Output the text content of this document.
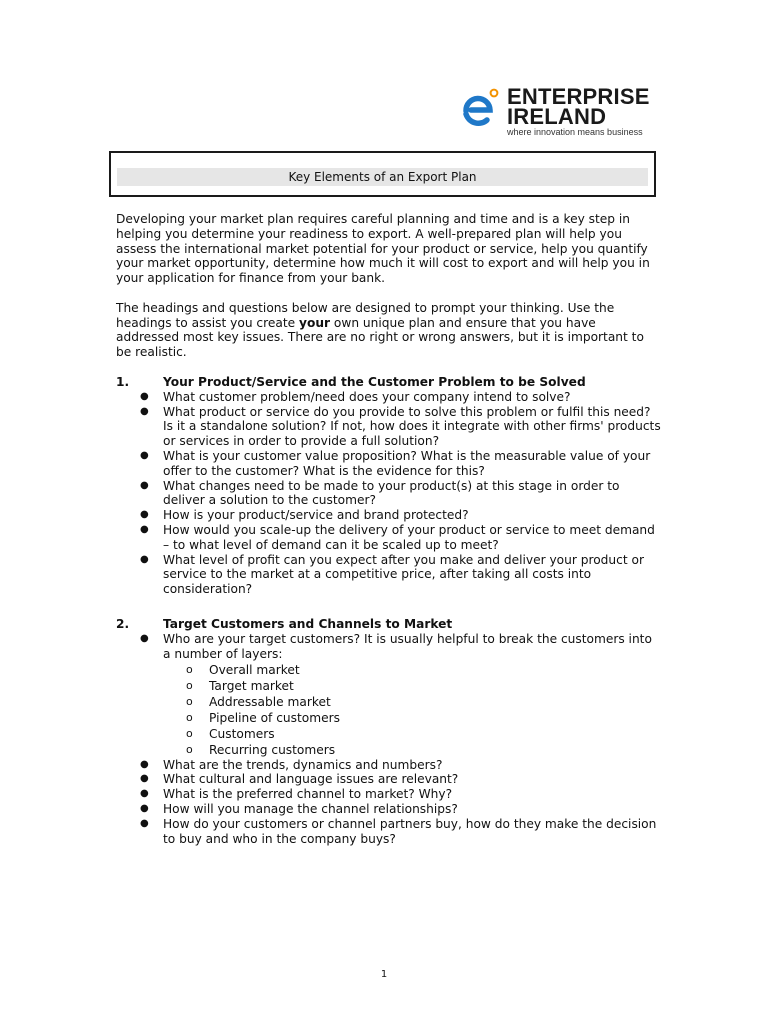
ENTERPRISE
IRELAND
where innovation means business
Key Elements of an Export Plan

Developing your market plan requires careful planning and time and is a key step in helping you determine your readiness to export. A well-prepared plan will help you assess the international market potential for your product or service, help you quantify your market opportunity, determine how much it will cost to export and will help you in your application for finance from your bank.

The headings and questions below are designed to prompt your thinking. Use the headings to assist you create your own unique plan and ensure that you have addressed most key issues. There are no right or wrong answers, but it is important to be realistic.

1.	Your Product/Service and the Customer Problem to be Solved
● What customer problem/need does your company intend to solve?
● What product or service do you provide to solve this problem or fulfil this need? Is it a standalone solution? If not, how does it integrate with other firms' products or services in order to provide a full solution?
● What is your customer value proposition? What is the measurable value of your offer to the customer? What is the evidence for this?
● What changes need to be made to your product(s) at this stage in order to deliver a solution to the customer?
● How is your product/service and brand protected?
● How would you scale-up the delivery of your product or service to meet demand – to what level of demand can it be scaled up to meet?
● What level of profit can you expect after you make and deliver your product or service to the market at a competitive price, after taking all costs into consideration?
2.	Target Customers and Channels to Market
● Who are your target customers? It is usually helpful to break the customers into a number of layers:
o Overall market
o Target market
o Addressable market
o Pipeline of customers
o Customers
o Recurring customers
● What are the trends, dynamics and numbers?
● What cultural and language issues are relevant?
● What is the preferred channel to market? Why?
● How will you manage the channel relationships?
● How do your customers or channel partners buy, how do they make the decision to buy and who in the company buys?
1
